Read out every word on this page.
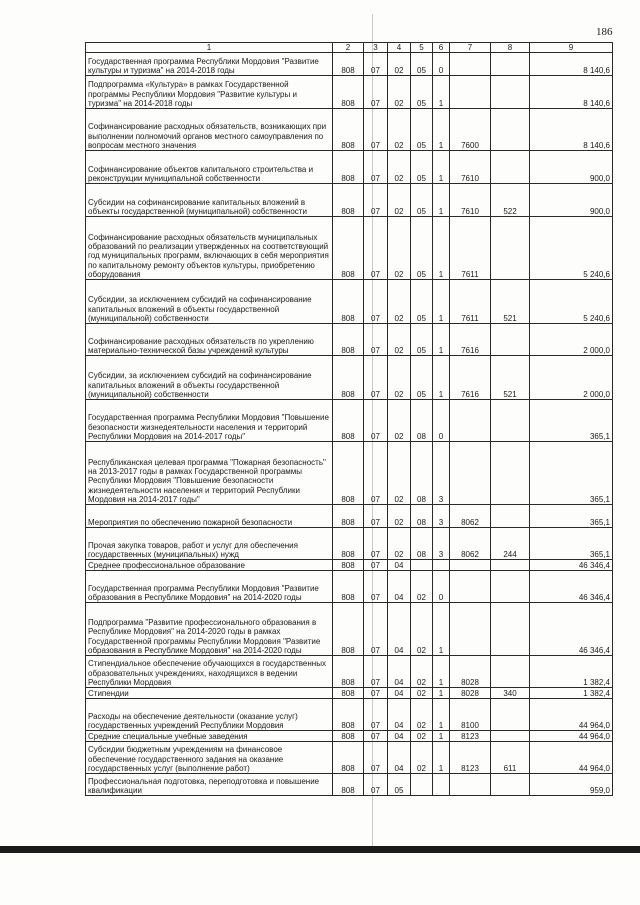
186
1	2	3	4	5	6	7	8	9
Государственная программа Республики Мордовия "Развитие культуры и туризма" на 2014-2018 годы	808	07	02	05	0			8 140,6
Подпрограмма «Культура» в рамках Государственной программы Республики Мордовия "Развитие культуры и туризма" на 2014-2018 годы	808	07	02	05	1			8 140,6
Софинансирование расходных обязательств, возникающих при выполнении полномочий органов местного самоуправления по вопросам местного значения	808	07	02	05	1	7600		8 140,6
Софинансирование объектов капитального строительства и реконструкции муниципальной собственности	808	07	02	05	1	7610		900,0
Субсидии на софинансирование капитальных вложений в объекты государственной (муниципальной) собственности	808	07	02	05	1	7610	522	900,0
Софинансирование расходных обязательств муниципальных образований по реализации утвержденных на соответствующий год муниципальных программ, включающих в себя мероприятия по капитальному ремонту объектов культуры, приобретению оборудования	808	07	02	05	1	7611		5 240,6
Субсидии, за исключением субсидий на софинансирование капитальных вложений в объекты государственной (муниципальной) собственности	808	07	02	05	1	7611	521	5 240,6
Софинансирование расходных обязательств по укреплению материально-технической базы учреждений культуры	808	07	02	05	1	7616		2 000,0
Субсидии, за исключением субсидий на софинансирование капитальных вложений в объекты государственной (муниципальной) собственности	808	07	02	05	1	7616	521	2 000,0
Государственная программа Республики Мордовия "Повышение безопасности жизнедеятельности населения и территорий Республики Мордовия на 2014-2017 годы"	808	07	02	08	0			365,1
Республиканская целевая программа "Пожарная безопасность" на 2013-2017 годы в рамках Государственной программы Республики Мордовия "Повышение безопасности жизнедеятельности населения и территорий Республики Мордовия на 2014-2017 годы"	808	07	02	08	3			365,1
Мероприятия по обеспечению пожарной безопасности	808	07	02	08	3	8062		365,1
Прочая закупка товаров, работ и услуг для обеспечения государственных (муниципальных) нужд	808	07	02	08	3	8062	244	365,1
Среднее профессиональное образование	808	07	04					46 346,4
Государственная программа Республики Мордовия "Развитие образования в Республике Мордовия" на 2014-2020 годы	808	07	04	02	0			46 346,4
Подпрограмма "Развитие профессионального образования в Республике Мордовия" на 2014-2020 годы в рамках Государственной программы Республики Мордовия "Развитие образования в Республике Мордовия" на 2014-2020 годы	808	07	04	02	1			46 346,4
Стипендиальное обеспечение обучающихся в государственных образовательных учреждениях, находящихся в ведении Республики Мордовия	808	07	04	02	1	8028		1 382,4
Стипендии	808	07	04	02	1	8028	340	1 382,4
Расходы на обеспечение деятельности (оказание услуг) государственных учреждений Республики Мордовия	808	07	04	02	1	8100		44 964,0
Средние специальные учебные заведения	808	07	04	02	1	8123		44 964,0
Субсидии бюджетным учреждениям на финансовое обеспечение государственного задания на оказание государственных услуг (выполнение работ)	808	07	04	02	1	8123	611	44 964,0
Профессиональная подготовка, переподготовка и повышение квалификации	808	07	05					959,0
